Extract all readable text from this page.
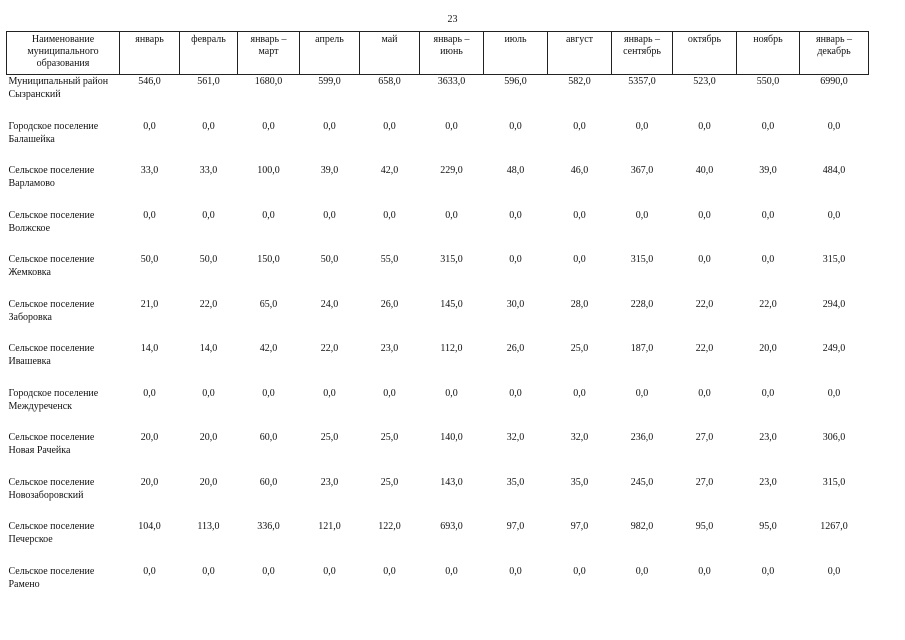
23
Наименование муниципального образования	январь	февраль	январь – март	апрель	май	январь – июнь	июль	август	январь – сентябрь	октябрь	ноябрь	январь – декабрь
Муниципальный район Сызранский	546,0	561,0	1680,0	599,0	658,0	3633,0	596,0	582,0	5357,0	523,0	550,0	6990,0
Городское поселение Балашейка	0,0	0,0	0,0	0,0	0,0	0,0	0,0	0,0	0,0	0,0	0,0	0,0
Сельское поселение Варламово	33,0	33,0	100,0	39,0	42,0	229,0	48,0	46,0	367,0	40,0	39,0	484,0
Сельское поселение Волжское	0,0	0,0	0,0	0,0	0,0	0,0	0,0	0,0	0,0	0,0	0,0	0,0
Сельское поселение Жемковка	50,0	50,0	150,0	50,0	55,0	315,0	0,0	0,0	315,0	0,0	0,0	315,0
Сельское поселение Заборовка	21,0	22,0	65,0	24,0	26,0	145,0	30,0	28,0	228,0	22,0	22,0	294,0
Сельское поселение Ивашевка	14,0	14,0	42,0	22,0	23,0	112,0	26,0	25,0	187,0	22,0	20,0	249,0
Городское поселение Междуреченск	0,0	0,0	0,0	0,0	0,0	0,0	0,0	0,0	0,0	0,0	0,0	0,0
Сельское поселение Новая Рачейка	20,0	20,0	60,0	25,0	25,0	140,0	32,0	32,0	236,0	27,0	23,0	306,0
Сельское поселение Новозаборовский	20,0	20,0	60,0	23,0	25,0	143,0	35,0	35,0	245,0	27,0	23,0	315,0
Сельское поселение Печерское	104,0	113,0	336,0	121,0	122,0	693,0	97,0	97,0	982,0	95,0	95,0	1267,0
Сельское поселение Рамено	0,0	0,0	0,0	0,0	0,0	0,0	0,0	0,0	0,0	0,0	0,0	0,0
